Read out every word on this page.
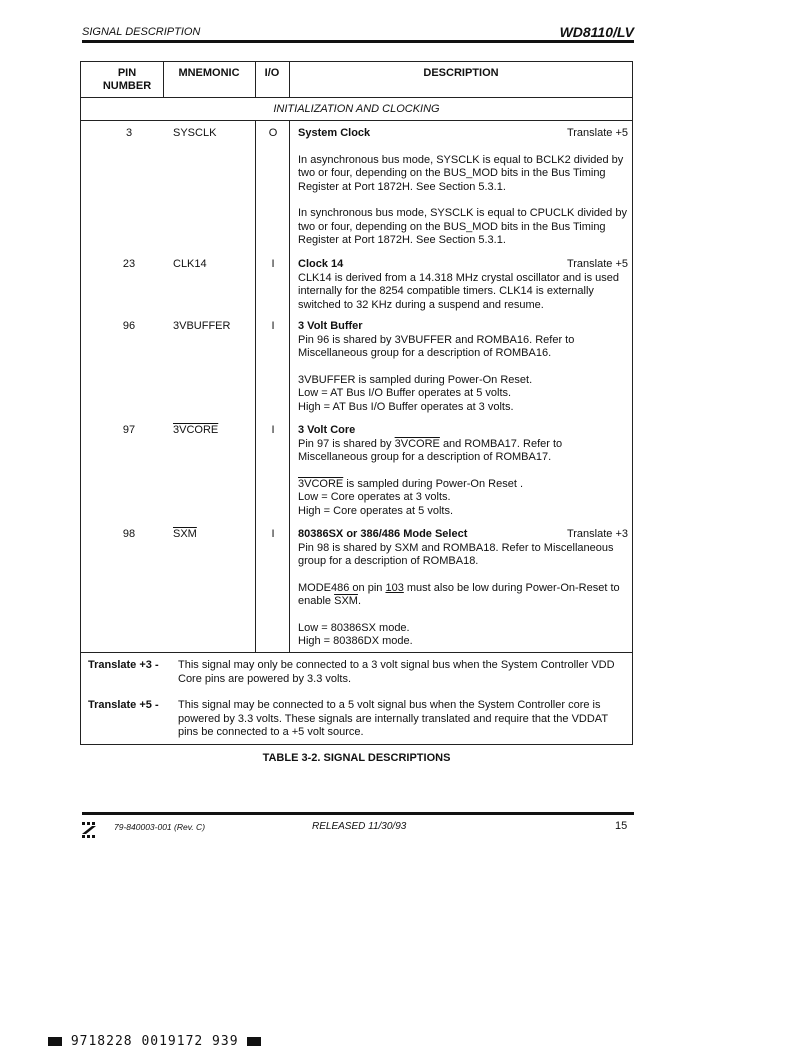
SIGNAL DESCRIPTION	WD8110/LV
PIN
NUMBER
MNEMONIC	I/O	DESCRIPTION
INITIALIZATION AND CLOCKING
3	SYSCLK	O	System Clock	Translate +5

In asynchronous bus mode, SYSCLK is equal to BCLK2 divided by two or four, depending on the BUS_MOD bits in the Bus Timing Register at Port 1872H. See Section 5.3.1.

In synchronous bus mode, SYSCLK is equal to CPUCLK divided by two or four, depending on the BUS_MOD bits in the Bus Timing Register at Port 1872H. See Section 5.3.1.

23	CLK14	I	Clock 14	Translate +5

CLK14 is derived from a 14.318 MHz crystal oscillator and is used internally for the 8254 compatible timers. CLK14 is externally switched to 32 KHz during a suspend and resume.

96	3VBUFFER	I	3 Volt Buffer

Pin 96 is shared by 3VBUFFER and ROMBA16. Refer to Miscellaneous group for a description of ROMBA16.

3VBUFFER is sampled during Power-On Reset.

Low = AT Bus I/O Buffer operates at 5 volts.

High = AT Bus I/O Buffer operates at 3 volts.

97	3VCORE	I	3 Volt Core

Pin 97 is shared by 3VCORE and ROMBA17. Refer to Miscellaneous group for a description of ROMBA17.

3VCORE is sampled during Power-On Reset .

Low = Core operates at 3 volts.

High = Core operates at 5 volts.

98	$\overline{SXM}$	I	80386SX or 386/486 Mode Select	Translate +3

Pin 98 is shared by SXM and ROMBA18. Refer to Miscellaneous group for a description of ROMBA18.

MODE486 on pin 103 must also be low during Power-On-Reset to enable $\overline{SXM}$.

Low = 80386SX mode.

High = 80386DX mode.

Translate +3 - This signal may only be connected to a 3 volt signal bus when the System Controller VDD Core pins are powered by 3.3 volts.
Translate +5 - This signal may be connected to a 5 volt signal bus when the System Controller core is powered by 3.3 volts. These signals are internally translated and require that the VDDAT pins be connected to a +5 volt source.
TABLE 3-2. SIGNAL DESCRIPTIONS
79-840003-001 (Rev. C)	RELEASED 11/30/93	15
9718228 0019172 939
